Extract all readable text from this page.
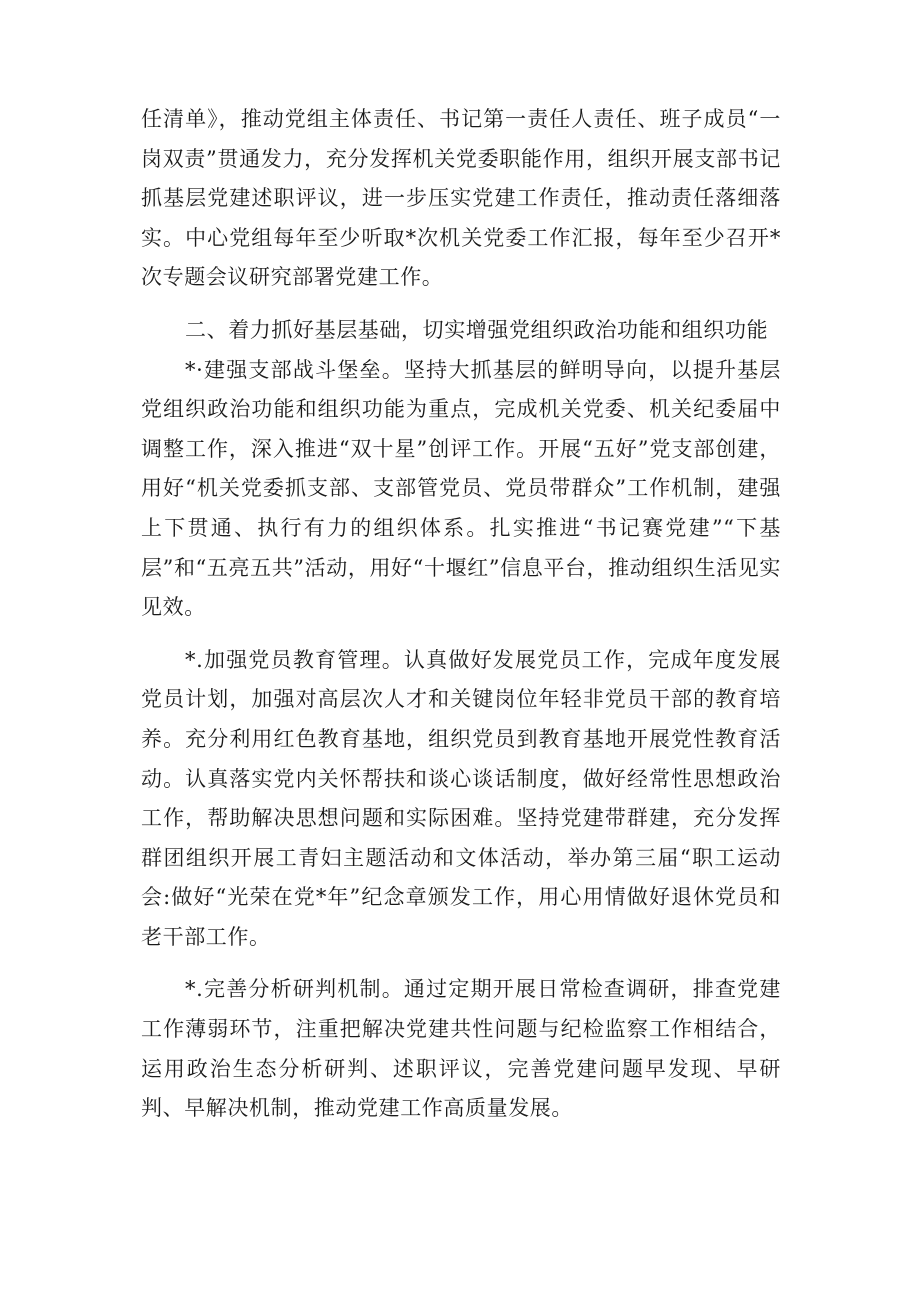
任清单》，推动党组主体责任、书记第一责任人责任、班子成员“一岗双责”贯通发力，充分发挥机关党委职能作用，组织开展支部书记抓基层党建述职评议，进一步压实党建工作责任，推动责任落细落实。中心党组每年至少听取*次机关党委工作汇报，每年至少召开*次专题会议研究部署党建工作。

二、着力抓好基层基础，切实增强党组织政治功能和组织功能

*·建强支部战斗堡垒。坚持大抓基层的鲜明导向，以提升基层党组织政治功能和组织功能为重点，完成机关党委、机关纪委届中调整工作，深入推进“双十星”创评工作。开展“五好”党支部创建，用好“机关党委抓支部、支部管党员、党员带群众”工作机制，建强上下贯通、执行有力的组织体系。扎实推进“书记赛党建”“下基层”和“五亮五共”活动，用好“十堰红”信息平台，推动组织生活见实见效。

*.加强党员教育管理。认真做好发展党员工作，完成年度发展党员计划，加强对高层次人才和关键岗位年轻非党员干部的教育培养。充分利用红色教育基地，组织党员到教育基地开展党性教育活动。认真落实党内关怀帮扶和谈心谈话制度，做好经常性思想政治工作，帮助解决思想问题和实际困难。坚持党建带群建，充分发挥群团组织开展工青妇主题活动和文体活动，举办第三届“职工运动会:做好“光荣在党*年”纪念章颁发工作，用心用情做好退休党员和老干部工作。

*.完善分析研判机制。通过定期开展日常检查调研，排查党建工作薄弱环节，注重把解决党建共性问题与纪检监察工作相结合，运用政治生态分析研判、述职评议，完善党建问题早发现、早研判、早解决机制，推动党建工作高质量发展。
